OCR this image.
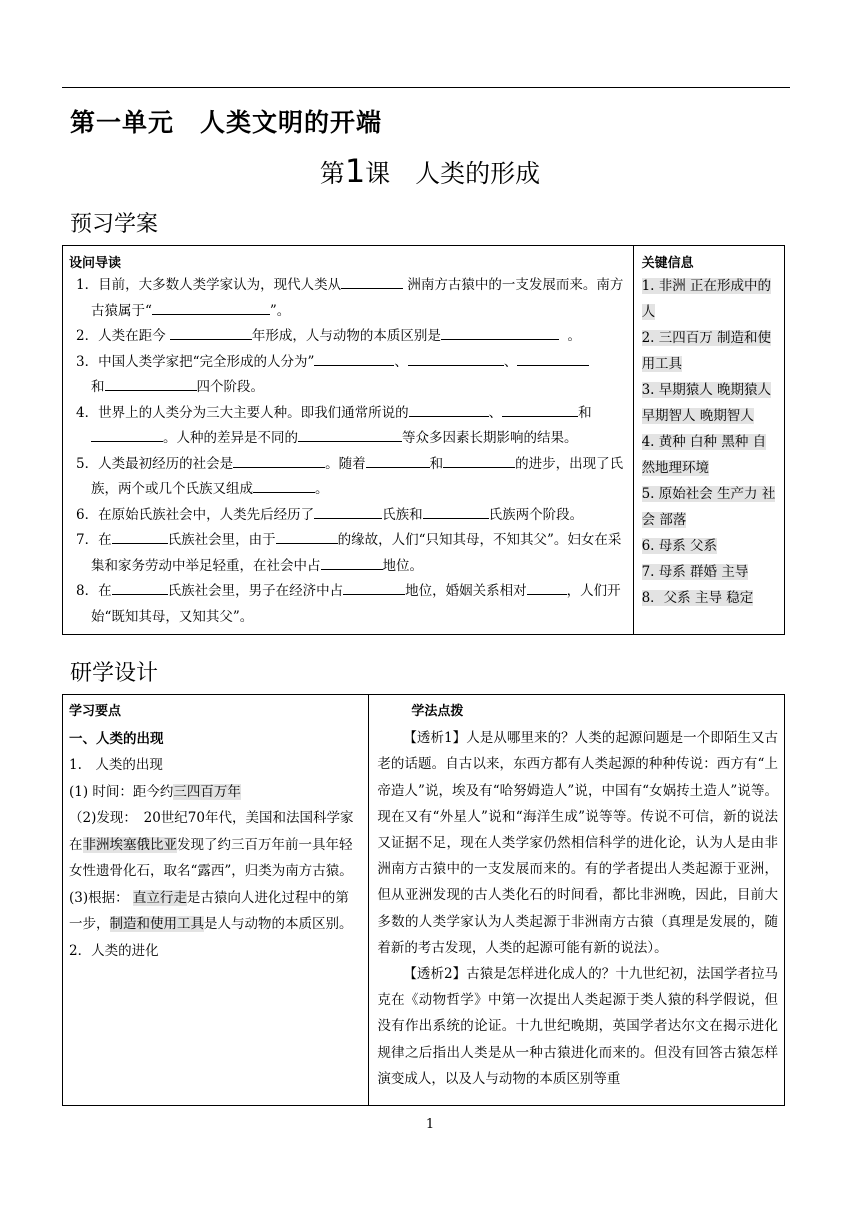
第一单元　人类文明的开端
第1课　人类的形成
预习学案
设问导读

1．目前，大多数人类学家认为，现代人类从	洲南方古猿中的一支发展而来。南方古猿属于“	”。

2．人类在距今	年形成，人与动物的本质区别是	。

3．中国人类学家把“完全形成的人分为”	、	、
和	四个阶段。

4．世界上的人类分为三大主要人种。即我们通常所说的	、	和
。人种的差异是不同的	等众多因素长期影响的结果。

5．人类最初经历的社会是	。随着	和	的进步，出现了氏族，两个或几个氏族又组成	。

6．在原始氏族社会中，人类先后经历了	氏族和	氏族两个阶段。

7．在	氏族社会里，由于	的缘故，人们“只知其母，不知其父”。妇女在采集和家务劳动中举足轻重，在社会中占	地位。

8．在	氏族社会里，男子在经济中占	地位，婚姻关系相对	，人们开始“既知其母，又知其父”。

关键信息

1. 非洲 正在形成中的人

2. 三四百万 制造和使用工具

3. 早期猿人 晚期猿人 早期智人 晚期智人

4. 黄种 白种 黑种 自然地理环境

5. 原始社会 生产力 社会 部落

6. 母系 父系

7. 母系 群婚 主导

8．父系 主导 稳定

研学设计

学习要点

一、人类的出现

1.　人类的出现

(1) 时间：距今约三四百万年

（2)发现：　20世纪70年代，美国和法国科学家在非洲埃塞俄比亚发现了约三百万年前一具年轻女性遗骨化石，取名“露西”，归类为南方古猿。

(3)根据： 直立行走是古猿向人进化过程中的第一步，制造和使用工具是人与动物的本质区别。

2．人类的进化

学法点拨

【透析1】人是从哪里来的？人类的起源问题是一个即陌生又古老的话题。自古以来，东西方都有人类起源的种种传说：西方有“上帝造人”说，埃及有“哈努姆造人”说，中国有“女娲抟土造人”说等。现在又有“外星人”说和“海洋生成”说等等。传说不可信，新的说法又证据不足，现在人类学家仍然相信科学的进化论，认为人是由非洲南方古猿中的一支发展而来的。有的学者提出人类起源于亚洲，但从亚洲发现的古人类化石的时间看，都比非洲晚，因此，目前大多数的人类学家认为人类起源于非洲南方古猿（真理是发展的，随着新的考古发现，人类的起源可能有新的说法）。

【透析2】古猿是怎样进化成人的？十九世纪初，法国学者拉马克在《动物哲学》中第一次提出人类起源于类人猿的科学假说，但没有作出系统的论证。十九世纪晚期，英国学者达尔文在揭示进化规律之后指出人类是从一种古猿进化而来的。但没有回答古猿怎样演变成人，以及人与动物的本质区别等重

1
